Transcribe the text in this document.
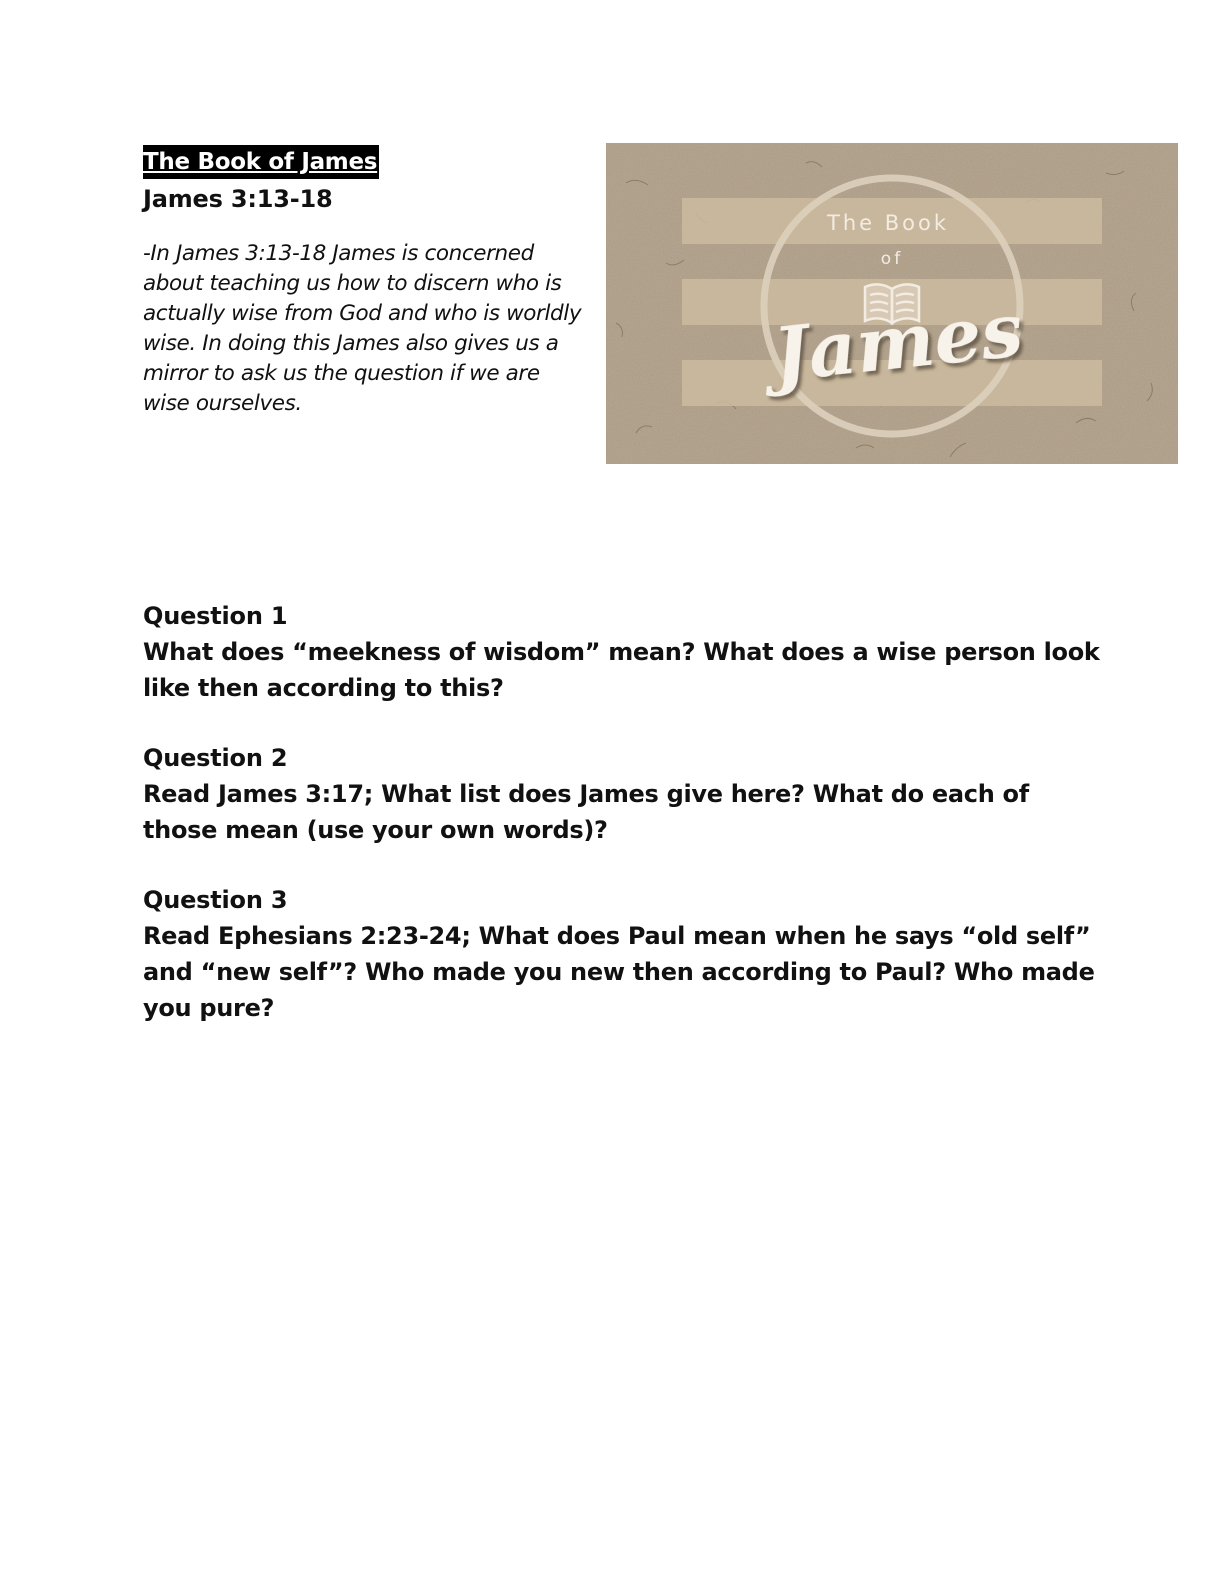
The Book of James
James 3:13-18
-In James 3:13-18 James is concerned about teaching us how to discern who is actually wise from God and who is worldly wise. In doing this James also gives us a mirror to ask us the question if we are wise ourselves.
The Book
of
James
Question 1
What does “meekness of wisdom” mean? What does a wise person look like then according to this?
Question 2
Read James 3:17; What list does James give here? What do each of those mean (use your own words)?
Question 3
Read Ephesians 2:23-24; What does Paul mean when he says “old self” and “new self”? Who made you new then according to Paul? Who made you pure?
